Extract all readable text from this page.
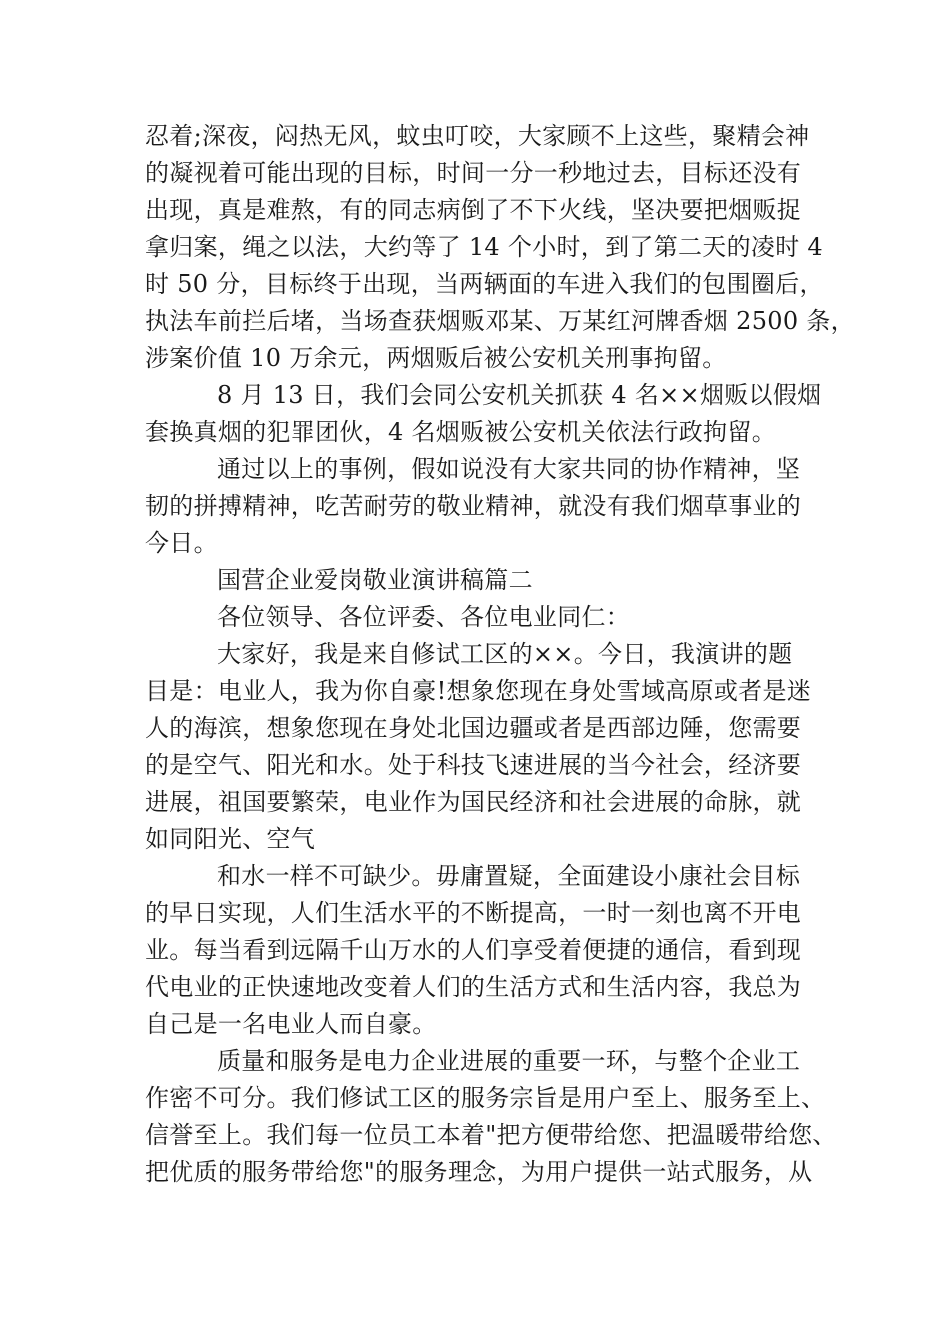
忍着;深夜，闷热无风，蚊虫叮咬，大家顾不上这些，聚精会神
的凝视着可能出现的目标，时间一分一秒地过去，目标还没有
出现，真是难熬，有的同志病倒了不下火线，坚决要把烟贩捉
拿归案，绳之以法，大约等了 14 个小时，到了第二天的凌时 4
时 50 分，目标终于出现，当两辆面的车进入我们的包围圈后，
执法车前拦后堵，当场查获烟贩邓某、万某红河牌香烟 2500 条，
涉案价值 10 万余元，两烟贩后被公安机关刑事拘留。
8 月 13 日，我们会同公安机关抓获 4 名××烟贩以假烟
套换真烟的犯罪团伙，4 名烟贩被公安机关依法行政拘留。
通过以上的事例，假如说没有大家共同的协作精神，坚
韧的拼搏精神，吃苦耐劳的敬业精神，就没有我们烟草事业的
今日。
国营企业爱岗敬业演讲稿篇二
各位领导、各位评委、各位电业同仁：
大家好，我是来自修试工区的××。今日，我演讲的题
目是：电业人，我为你自豪!想象您现在身处雪域高原或者是迷
人的海滨，想象您现在身处北国边疆或者是西部边陲，您需要
的是空气、阳光和水。处于科技飞速进展的当今社会，经济要
进展，祖国要繁荣，电业作为国民经济和社会进展的命脉，就
如同阳光、空气
和水一样不可缺少。毋庸置疑，全面建设小康社会目标
的早日实现，人们生活水平的不断提高，一时一刻也离不开电
业。每当看到远隔千山万水的人们享受着便捷的通信，看到现
代电业的正快速地改变着人们的生活方式和生活内容，我总为
自己是一名电业人而自豪。
质量和服务是电力企业进展的重要一环，与整个企业工
作密不可分。我们修试工区的服务宗旨是用户至上、服务至上、
信誉至上。我们每一位员工本着"把方便带给您、把温暖带给您、
把优质的服务带给您"的服务理念，为用户提供一站式服务，从
